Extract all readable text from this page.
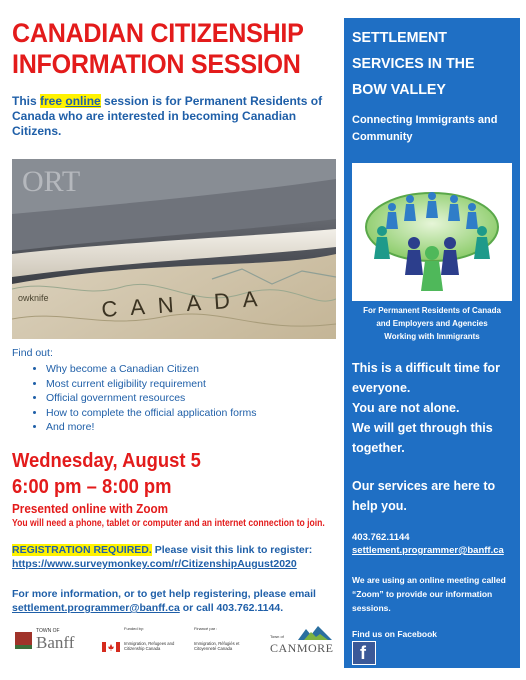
CANADIAN CITIZENSHIP
INFORMATION SESSION
This free online session is for Permanent Residents of Canada who are interested in becoming Canadian Citizens.
ORT
C A N A D A
owknife
Find out:
• Why become a Canadian Citizen
• Most current eligibility requirement
• Official government resources
• How to complete the official application forms
• And more!
Wednesday, August 5
6:00 pm – 8:00 pm
Presented online with Zoom
You will need a phone, tablet or computer and an internet connection to join.
REGISTRATION REQUIRED. Please visit this link to register:
https://www.surveymonkey.com/r/CitizenshipAugust2020
For more information, or to get help registering, please email
settlement.programmer@banff.ca or call 403.762.1144.
TOWN OF
Banff
Funded by:
Immigration, Refugees and Citizenship Canada
Financé par :
Immigration, Réfugiés et Citoyenneté Canada
Town of
CANMORE
SETTLEMENT
SERVICES IN THE
BOW VALLEY
Connecting Immigrants and
Community
For Permanent Residents of Canada
and Employers and Agencies
Working with Immigrants
This is a difficult time for
everyone.
You are not alone.
We will get through this
together.
Our services are here to
help you.
403.762.1144
settlement.programmer@banff.ca
We are using an online meeting called
“Zoom” to provide our information
sessions.
Find us on Facebook
f
